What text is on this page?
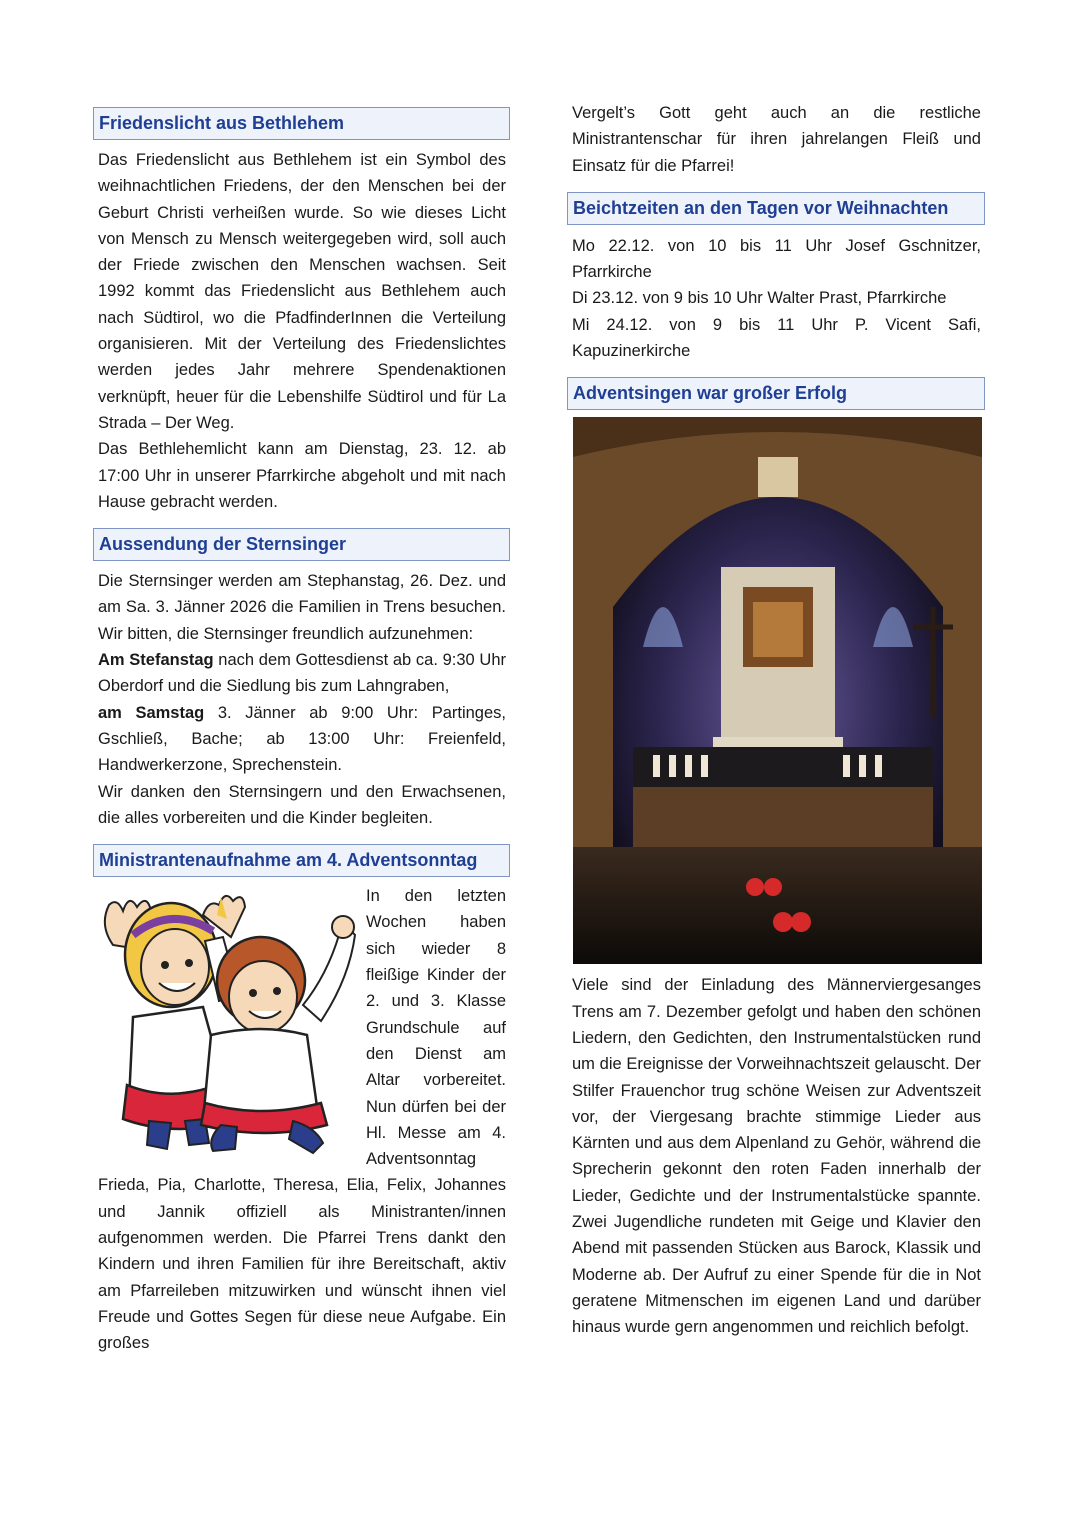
Friedenslicht aus Bethlehem

Das Friedenslicht aus Bethlehem ist ein Symbol des weihnachtlichen Friedens, der den Menschen bei der Geburt Christi verheißen wurde. So wie dieses Licht von Mensch zu Mensch weitergegeben wird, soll auch der Friede zwischen den Menschen wachsen. Seit 1992 kommt das Friedenslicht aus Bethlehem auch nach Südtirol, wo die PfadfinderInnen die Verteilung organisieren. Mit der Verteilung des Friedenslichtes werden jedes Jahr mehrere Spendenaktionen verknüpft, heuer für die Lebenshilfe Südtirol und für La Strada – Der Weg.

Das Bethlehemlicht kann am Dienstag, 23. 12. ab 17:00 Uhr in unserer Pfarrkirche abgeholt und mit nach Hause gebracht werden.

Aussendung der Sternsinger

Die Sternsinger werden am Stephanstag, 26. Dez. und am Sa. 3. Jänner 2026 die Familien in Trens besuchen. Wir bitten, die Sternsinger freundlich aufzunehmen:

Am Stefanstag nach dem Gottesdienst ab ca. 9:30 Uhr Oberdorf und die Siedlung bis zum Lahngraben,

am Samstag 3. Jänner ab 9:00 Uhr: Partinges, Gschließ, Bache; ab 13:00 Uhr: Freienfeld, Handwerkerzone, Sprechenstein.

Wir danken den Sternsingern und den Erwachsenen, die alles vorbereiten und die Kinder begleiten.

Ministrantenaufnahme am 4. Adventsonntag

In den letzten Wochen haben sich wieder 8 fleißige Kinder der 2. und 3. Klasse Grundschule auf den Dienst am Altar vorbereitet. Nun dürfen bei der Hl. Messe am 4. Adventsonntag Frieda, Pia, Charlotte, Theresa, Elia, Felix, Johannes und Jannik offiziell als Ministranten/innen aufgenommen werden. Die Pfarrei Trens dankt den Kindern und ihren Familien für ihre Bereitschaft, aktiv am Pfarreileben mitzuwirken und wünscht ihnen viel Freude und Gottes Segen für diese neue Aufgabe. Ein großes

Vergelt’s Gott geht auch an die restliche Ministrantenschar für ihren jahrelangen Fleiß und Einsatz für die Pfarrei!

Beichtzeiten an den Tagen vor Weihnachten

Mo 22.12. von 10 bis 11 Uhr Josef Gschnitzer, Pfarrkirche

Di 23.12. von 9 bis 10 Uhr Walter Prast, Pfarrkirche

Mi 24.12. von 9 bis 11 Uhr P. Vicent Safi, Kapuzinerkirche

Adventsingen war großer Erfolg

Viele sind der Einladung des Männerviergesanges Trens am 7. Dezember gefolgt und haben den schönen Liedern, den Gedichten, den Instrumentalstücken rund um die Ereignisse der Vorweihnachtszeit gelauscht. Der Stilfer Frauenchor trug schöne Weisen zur Adventszeit vor, der Viergesang brachte stimmige Lieder aus Kärnten und aus dem Alpenland zu Gehör, während die Sprecherin gekonnt den roten Faden innerhalb der Lieder, Gedichte und der Instrumentalstücke spannte. Zwei Jugendliche rundeten mit Geige und Klavier den Abend mit passenden Stücken aus Barock, Klassik und Moderne ab. Der Aufruf zu einer Spende für die in Not geratene Mitmenschen im eigenen Land und darüber hinaus wurde gern angenommen und reichlich befolgt.
